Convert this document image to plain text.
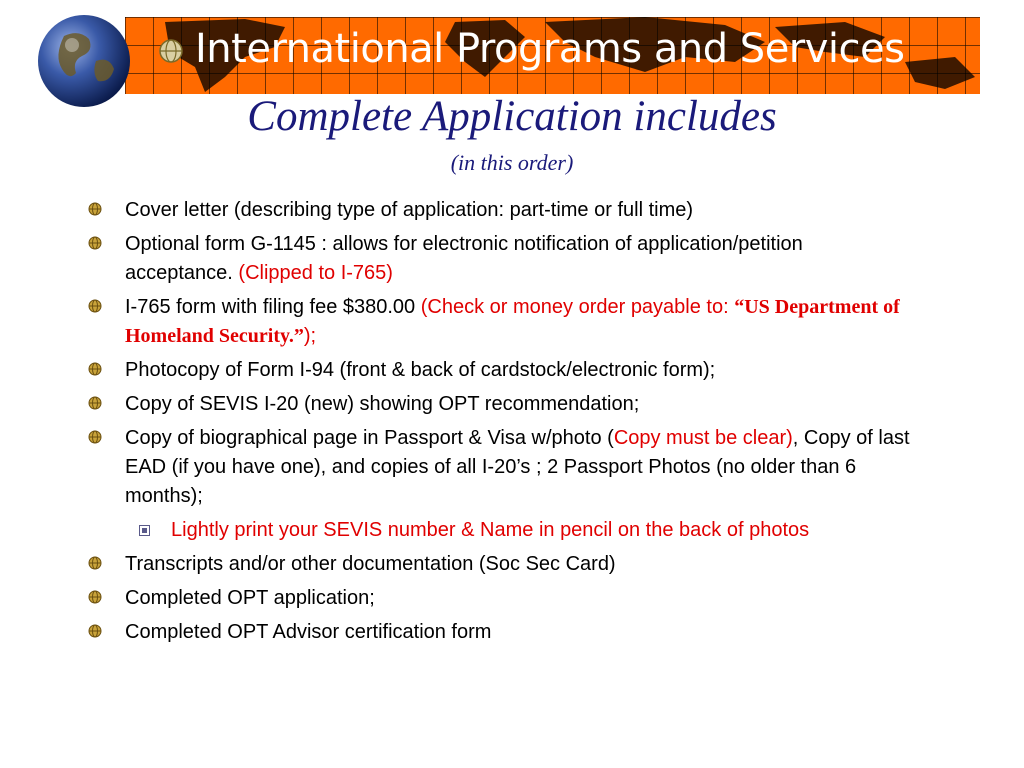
International Programs and Services
Complete Application includes
(in this order)
Cover letter (describing type of application: part-time or full time)
Optional form G-1145 : allows for electronic notification of application/petition acceptance. (Clipped to I-765)
I-765 form with filing fee $380.00 (Check or money order payable to: “US Department of Homeland Security.”);
Photocopy of Form I-94 (front & back of cardstock/electronic form);
Copy of SEVIS I-20 (new) showing OPT recommendation;
Copy of biographical page in Passport & Visa w/photo (Copy must be clear), Copy of last EAD (if you have one), and copies of all I-20’s ; 2 Passport Photos (no older than 6 months);
Lightly print your SEVIS number & Name in pencil on the back of photos
Transcripts and/or other documentation (Soc Sec Card)
Completed OPT application;
Completed OPT Advisor certification form
